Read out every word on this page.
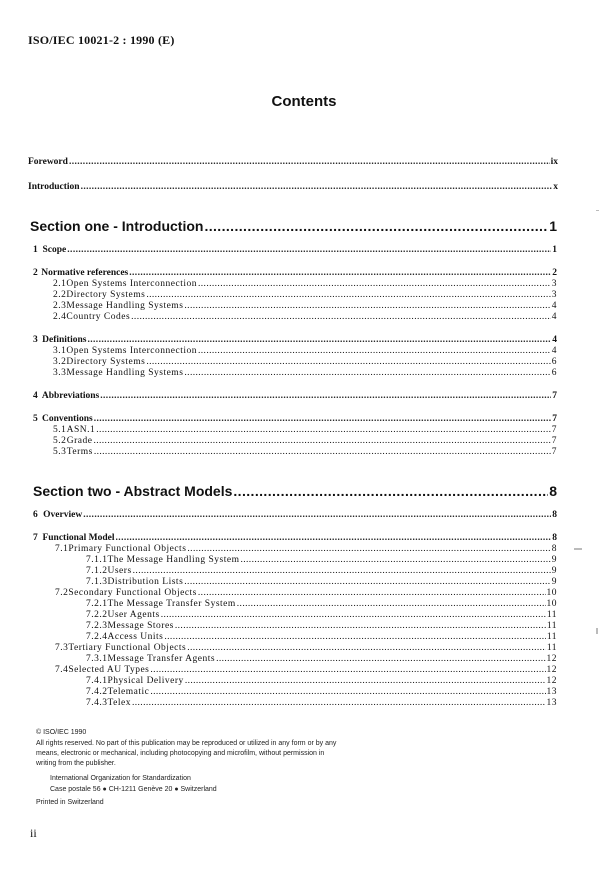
ISO/IEC 10021-2 : 1990 (E)
Contents
Foreword .....	ix
Introduction .....	x
Section one - Introduction .....	1
1 Scope .....	1
2 Normative references .....	2
2.1 Open Systems Interconnection .....	3
2.2 Directory Systems .....	3
2.3 Message Handling Systems .....	4
2.4 Country Codes .....	4
3 Definitions .....	4
3.1 Open Systems Interconnection .....	4
3.2 Directory Systems .....	6
3.3 Message Handling Systems .....	6
4 Abbreviations .....	7
5 Conventions .....	7
5.1 ASN.1 .....	7
5.2 Grade .....	7
5.3 Terms .....	7
Section two - Abstract Models .....	8
6 Overview .....	8
7 Functional Model .....	8
7.1 Primary Functional Objects .....	8
7.1.1 The Message Handling System .....	9
7.1.2 Users .....	9
7.1.3 Distribution Lists .....	9
7.2 Secondary Functional Objects .....	10
7.2.1 The Message Transfer System .....	10
7.2.2 User Agents .....	11
7.2.3 Message Stores .....	11
7.2.4 Access Units .....	11
7.3 Tertiary Functional Objects .....	11
7.3.1 Message Transfer Agents .....	12
7.4 Selected AU Types .....	12
7.4.1 Physical Delivery .....	12
7.4.2 Telematic .....	13
7.4.3 Telex .....	13
© ISO/IEC 1990
All rights reserved. No part of this publication may be reproduced or utilized in any form or by any
means, electronic or mechanical, including photocopying and microfilm, without permission in
writing from the publisher.
International Organization for Standardization
Case postale 56 ● CH-1211 Genève 20 ● Switzerland
Printed in Switzerland
ii
